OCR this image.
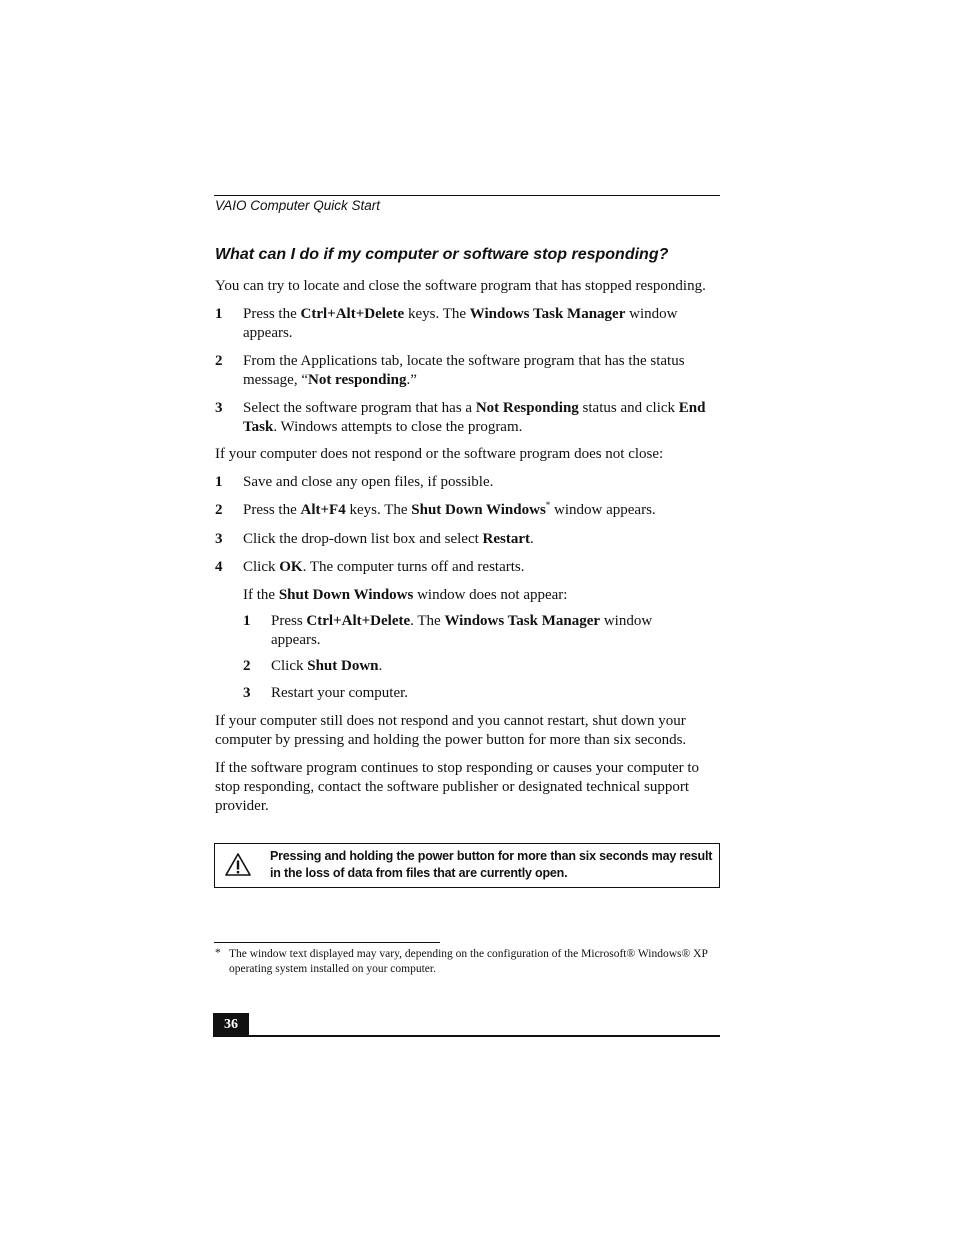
VAIO Computer Quick Start
What can I do if my computer or software stop responding?
You can try to locate and close the software program that has stopped responding.
1 Press the Ctrl+Alt+Delete keys. The Windows Task Manager window appears.
2 From the Applications tab, locate the software program that has the status message, “Not responding.”
3 Select the software program that has a Not Responding status and click End Task. Windows attempts to close the program.
If your computer does not respond or the software program does not close:
1 Save and close any open files, if possible.
2 Press the Alt+F4 keys. The Shut Down Windows* window appears.
3 Click the drop-down list box and select Restart.
4 Click OK. The computer turns off and restarts.
If the Shut Down Windows window does not appear:
1 Press Ctrl+Alt+Delete. The Windows Task Manager window appears.
2 Click Shut Down.
3 Restart your computer.
If your computer still does not respond and you cannot restart, shut down your computer by pressing and holding the power button for more than six seconds.
If the software program continues to stop responding or causes your computer to stop responding, contact the software publisher or designated technical support provider.
Pressing and holding the power button for more than six seconds may result in the loss of data from files that are currently open.
* The window text displayed may vary, depending on the configuration of the Microsoft® Windows® XP operating system installed on your computer.
36
